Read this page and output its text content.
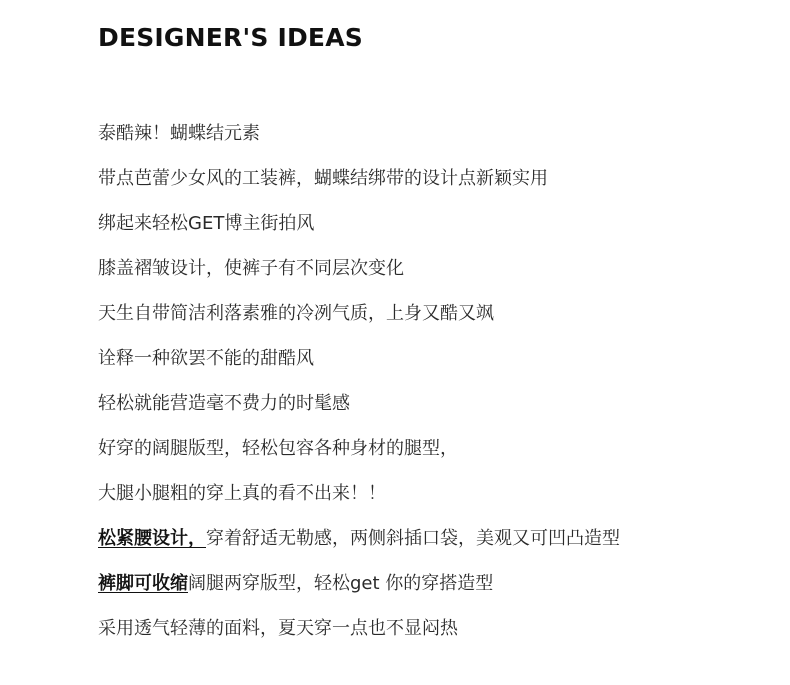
DESIGNER'S IDEAS
泰酷辣！蝴蝶结元素
带点芭蕾少女风的工装裤，蝴蝶结绑带的设计点新颖实用
绑起来轻松GET博主街拍风
膝盖褶皱设计，使裤子有不同层次变化
天生自带简洁利落素雅的冷冽气质，上身又酷又飒
诠释一种欲罢不能的甜酷风
轻松就能营造毫不费力的时髦感
好穿的阔腿版型，轻松包容各种身材的腿型，
大腿小腿粗的穿上真的看不出来！！
松紧腰设计，穿着舒适无勒感，两侧斜插口袋，美观又可凹凸造型
裤脚可收缩阔腿两穿版型，轻松get 你的穿搭造型
采用透气轻薄的面料，夏天穿一点也不显闷热
